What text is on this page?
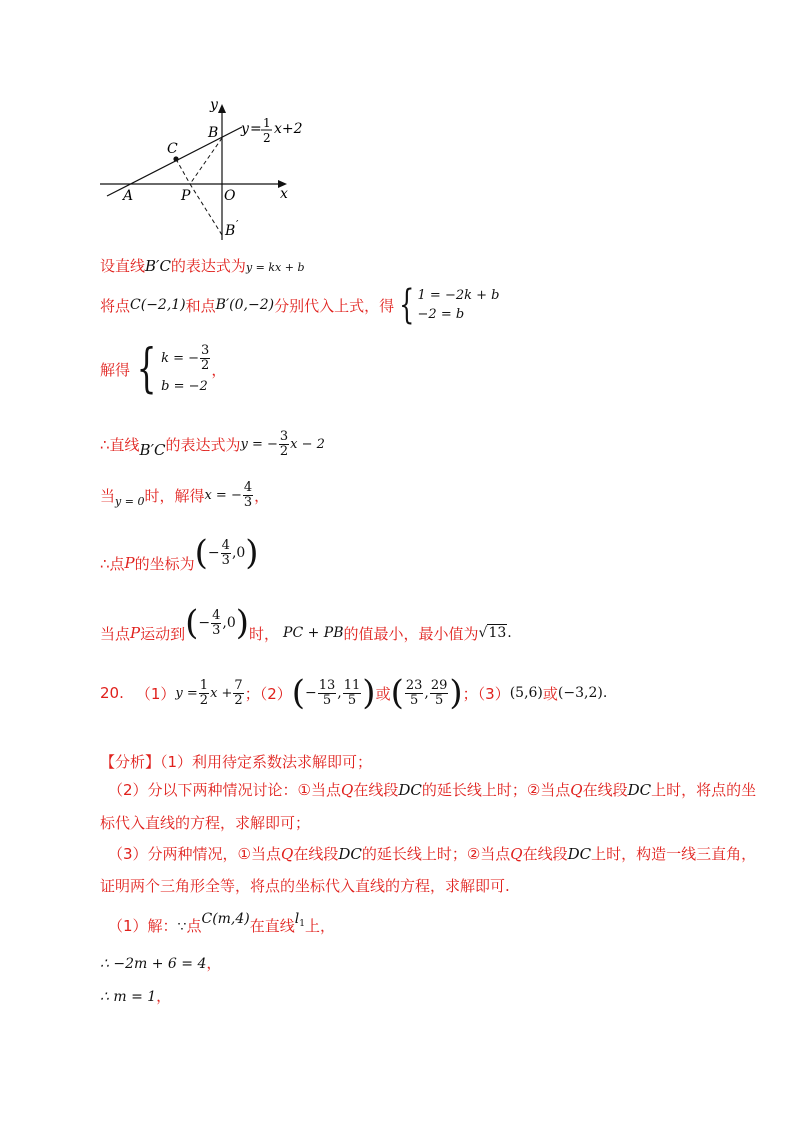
y
B
C
A	P O	x
B ′
y = 1
2
x+2
设直线B′C的表达式为y = kx + b
将点 C(−2,1) 和点 B′(0,−2) 分别代入上式，得 { 1 = −2k + b
−2 = b
解得 { k = − $\frac{3}{2}$
b = −2
，
∴直线 B′C 的表达式为 y = − $\frac{3}{2}$ x − 2
当 y = 0 时，解得 x = − $\frac{4}{3}$ ，
∴点 P 的坐标为 ( − $\frac{4}{3} ,0$ )
当点 P 运动到 ( − $\frac{4}{3} ,0$ ) 时， PC + PB 的值最小，最小值为 √13 .
20. （1） $y = \frac{1}{2}$ $x + \frac{7}{2}$ ；（2） ( − $\frac{13}{5}$ , $\frac{11}{5}$ ) 或 ( $\frac{23}{5}$ , $\frac{29}{5}$ ) ；（3） (5,6) 或 (−3,2) .
【分析】（1）利用待定系数法求解即可；
（2）分以下两种情况讨论：①当点Q在线段DC的延长线上时；②当点Q在线段DC上时，将点的坐
标代入直线的方程，求解即可；
（3）分两种情况，①当点Q在线段DC的延长线上时；②当点Q在线段DC上时，构造一线三直角，
证明两个三角形全等，将点的坐标代入直线的方程，求解即可.
（1）解：∵点C(m,4)在直线$l^1$上，
∴ −2m + 6 = 4，
∴ m = 1，
